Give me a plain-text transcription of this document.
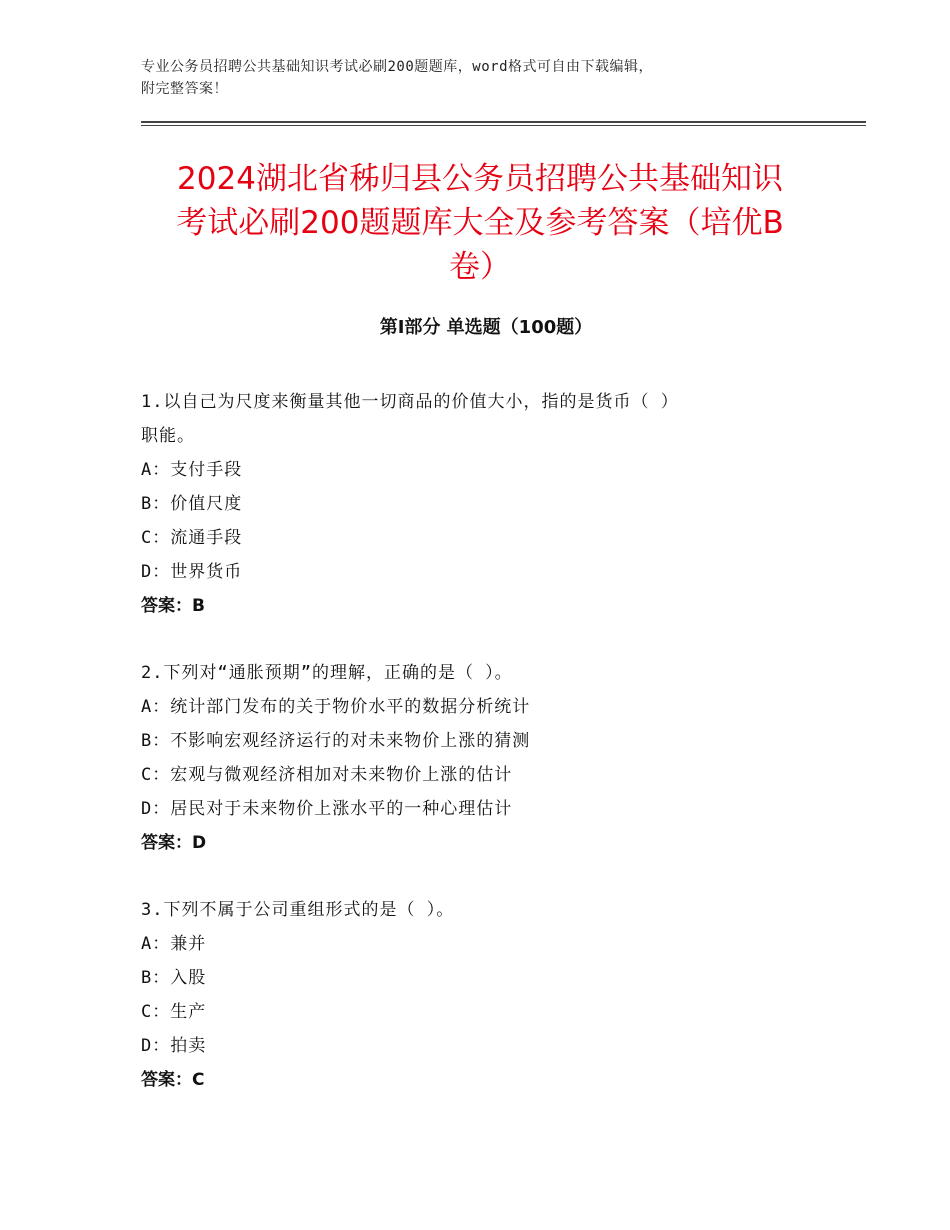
专业公务员招聘公共基础知识考试必刷200题题库，word格式可自由下载编辑，
附完整答案！
2024湖北省秭归县公务员招聘公共基础知识
考试必刷200题题库大全及参考答案（培优B
卷）
第Ⅰ部分 单选题（100题）
1.以自己为尺度来衡量其他一切商品的价值大小，指的是货币（ ）
职能。
A：支付手段
B：价值尺度
C：流通手段
D：世界货币
答案：B
2.下列对“通胀预期”的理解，正确的是（ ）。
A：统计部门发布的关于物价水平的数据分析统计
B：不影响宏观经济运行的对未来物价上涨的猜测
C：宏观与微观经济相加对未来物价上涨的估计
D：居民对于未来物价上涨水平的一种心理估计
答案：D
3.下列不属于公司重组形式的是（ ）。
A：兼并
B：入股
C：生产
D：拍卖
答案：C
